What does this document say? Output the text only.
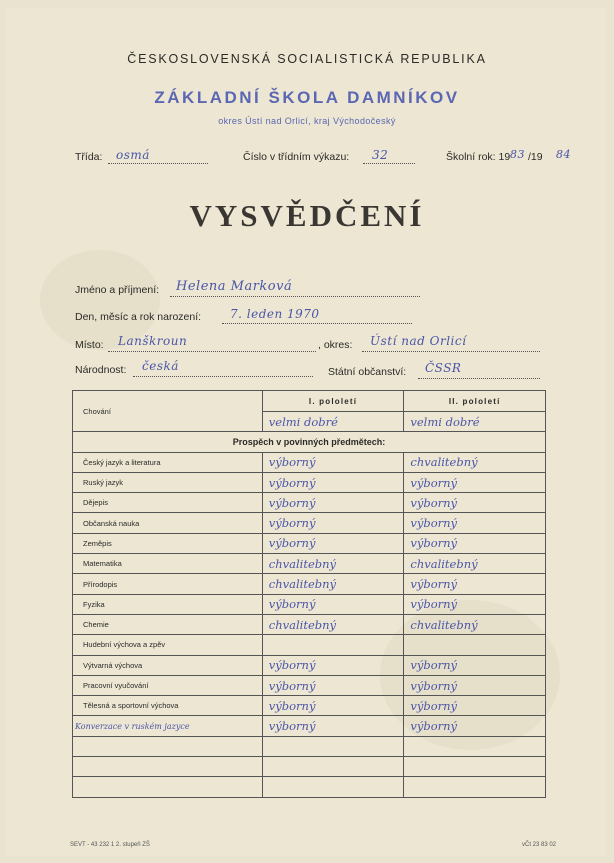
ČESKOSLOVENSKÁ SOCIALISTICKÁ REPUBLIKA
ZÁKLADNÍ ŠKOLA DAMNÍKOV
okres Ústí nad Orlicí, kraj Východočeský
Třída: osmá	Číslo v třídním výkazu: 32	Školní rok: 19 83 /19 84
VYSVĚDČENÍ
Jméno a příjmení: Helena Marková
Den, měsíc a rok narození: 7. leden 1970
Místo: Lanškroun	, okres: Ústí nad Orlicí
Národnost: česká	Státní občanství: ČSSR
Chování	I. pololetí	II. pololetí
	velmi dobré	velmi dobré
Prospěch v povinných předmětech:		
Český jazyk a literatura	výborný	chvalitebný
Ruský jazyk	výborný	výborný
Dějepis	výborný	výborný
Občanská nauka	výborný	výborný
Zeměpis	výborný	výborný
Matematika	chvalitebný	chvalitebný
Přírodopis	chvalitebný	výborný
Fyzika	výborný	výborný
Chemie	chvalitebný	chvalitebný
Hudební výchova a zpěv		
Výtvarná výchova	výborný	výborný
Pracovní vyučování	výborný	výborný
Tělesná a sportovní výchova	výborný	výborný
Konverzace v ruském jazyce	výborný	výborný

SEVT - 43 232 1 2. stupeň ZŠ	vČt 23 83 02
